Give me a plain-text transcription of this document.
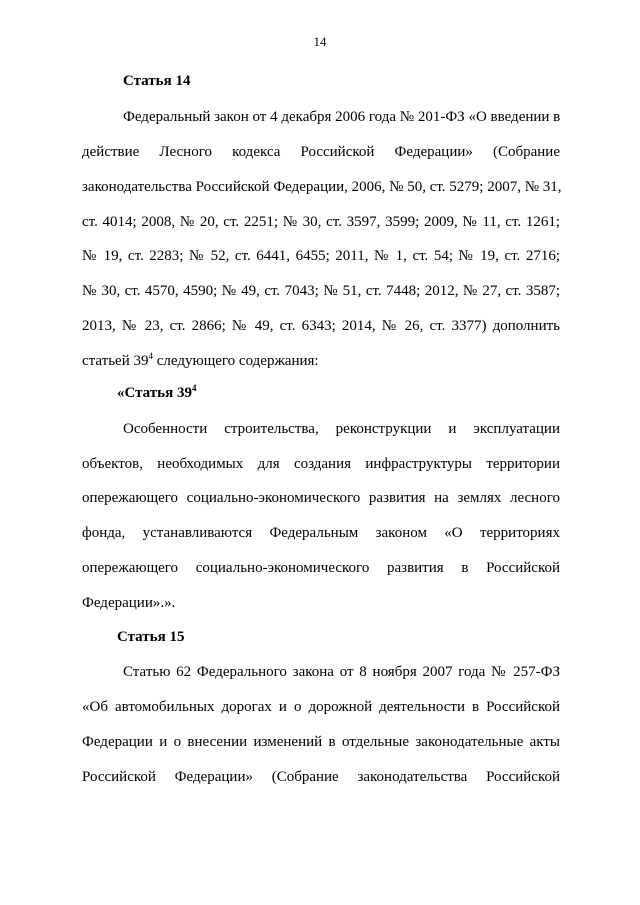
14
Статья 14
Федеральный закон от 4 декабря 2006 года № 201-ФЗ «О введении в
действие Лесного кодекса Российской Федерации» (Собрание
законодательства Российской Федерации, 2006, № 50, ст. 5279; 2007, № 31,
ст. 4014; 2008, № 20, ст. 2251; № 30, ст. 3597, 3599; 2009, № 11, ст. 1261;
№ 19, ст. 2283; № 52, ст. 6441, 6455; 2011, № 1, ст. 54; № 19, ст. 2716;
№ 30, ст. 4570, 4590; № 49, ст. 7043; № 51, ст. 7448; 2012, № 27, ст. 3587;
2013, № 23, ст. 2866; № 49, ст. 6343; 2014, № 26, ст. 3377) дополнить
статьей $39^4$ следующего содержания:
«Статья $39^4$
Особенности строительства, реконструкции и эксплуатации
объектов, необходимых для создания инфраструктуры территории
опережающего социально-экономического развития на землях лесного
фонда, устанавливаются Федеральным законом «О территориях
опережающего социально-экономического развития в Российской
Федерации».».
Статья 15
Статью 62 Федерального закона от 8 ноября 2007 года № 257-ФЗ
«Об автомобильных дорогах и о дорожной деятельности в Российской
Федерации и о внесении изменений в отдельные законодательные акты
Российской Федерации» (Собрание законодательства Российской
